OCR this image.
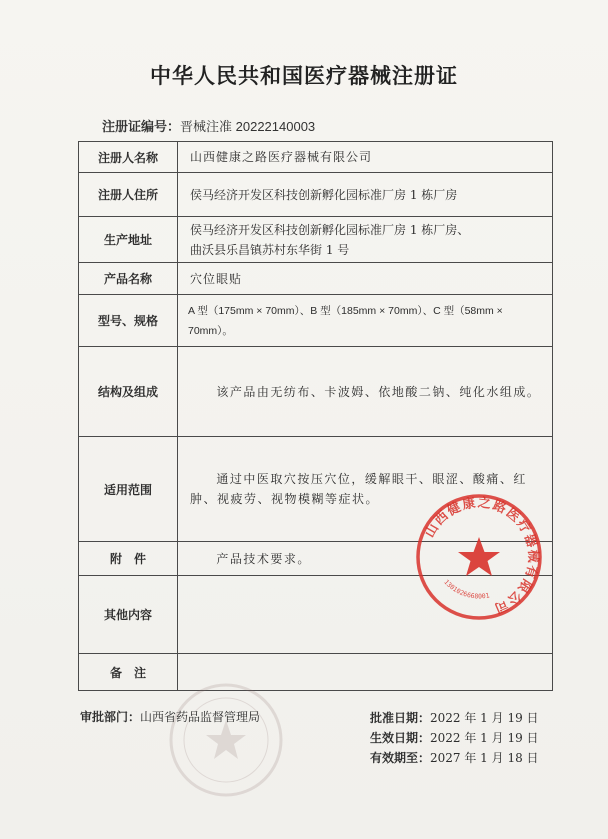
中华人民共和国医疗器械注册证
注册证编号：晋械注准 20222140003
注册人名称	山西健康之路医疗器械有限公司
注册人住所	侯马经济开发区科技创新孵化园标准厂房 1 栋厂房
生产地址	侯马经济开发区科技创新孵化园标准厂房 1 栋厂房、
曲沃县乐昌镇苏村东华街 1 号

产品名称	穴位眼贴
型号、规格	A 型（175mm × 70mm）、B 型（185mm × 70mm）、C 型（58mm × 70mm）。
结构及组成	该产品由无纺布、卡波姆、依地酸二钠、纯化水组成。
适用范围	通过中医取穴按压穴位，缓解眼干、眼涩、酸痛、红肿、视疲劳、视物模糊等症状。
附　件	产品技术要求。
其他内容	
备　注	
山西健康之路医疗器械有限公司
1301026668001
审批部门：山西省药品监督管理局	批准日期：2022 年 1 月 19 日
生效日期：2022 年 1 月 19 日
有效期至：2027 年 1 月 18 日
